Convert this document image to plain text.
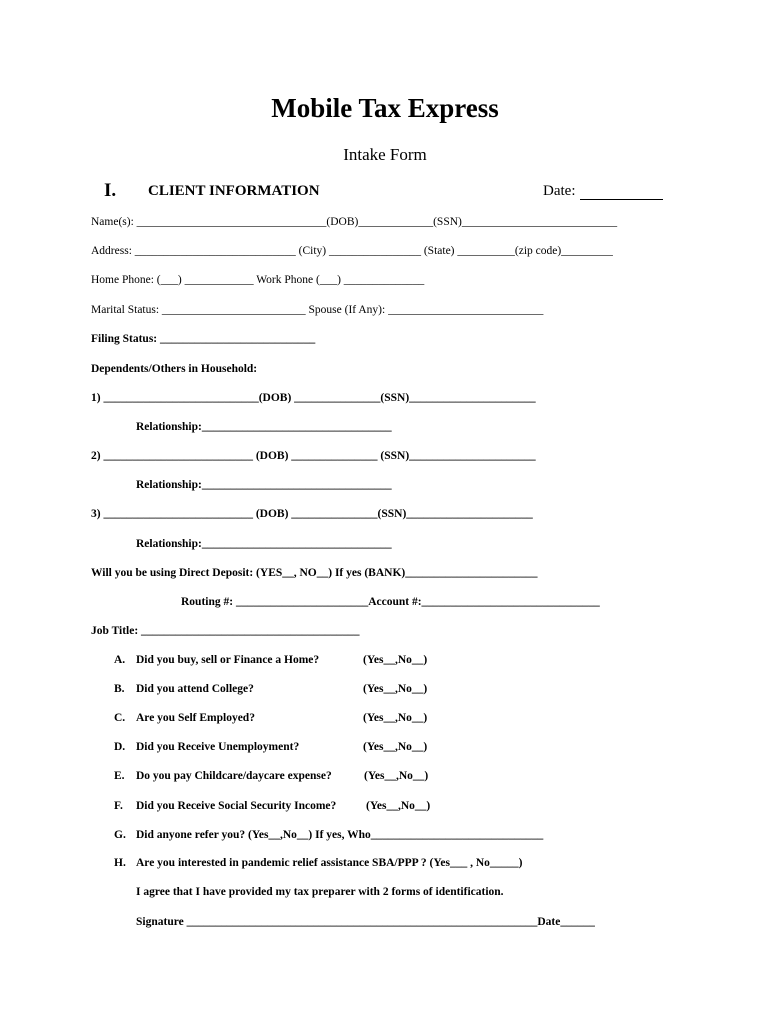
Mobile Tax Express
Intake Form
I. CLIENT INFORMATION	Date:
Name(s): _________________________________(DOB)_____________(SSN)___________________________
Address: ____________________________ (City) ________________ (State) __________(zip code)_________
Home Phone: (___) ____________ Work Phone (___) ______________
Marital Status: _________________________ Spouse (If Any): ___________________________
Filing Status: ___________________________
Dependents/Others in Household:
1) ___________________________(DOB) _______________(SSN)______________________
Relationship:_________________________________
2) __________________________ (DOB) _______________ (SSN)______________________
Relationship:_________________________________
3) __________________________ (DOB) _______________(SSN)______________________
Relationship:_________________________________
Will you be using Direct Deposit: (YES__, NO__) If yes (BANK)_______________________
Routing #: _______________________Account #:_______________________________
Job Title: ______________________________________
A. Did you buy, sell or Finance a Home?	(Yes__,No__)
B. Did you attend College?	(Yes__,No__)
C. Are you Self Employed?	(Yes__,No__)
D. Did you Receive Unemployment?	(Yes__,No__)
E. Do you pay Childcare/daycare expense?	(Yes__,No__)
F. Did you Receive Social Security Income?	(Yes__,No__)
G. Did anyone refer you? (Yes__,No__) If yes, Who______________________________
H. Are you interested in pandemic relief assistance SBA/PPP ? (Yes___ , No_____)
I agree that I have provided my tax preparer with 2 forms of identification.
Signature _____________________________________________________________Date______
